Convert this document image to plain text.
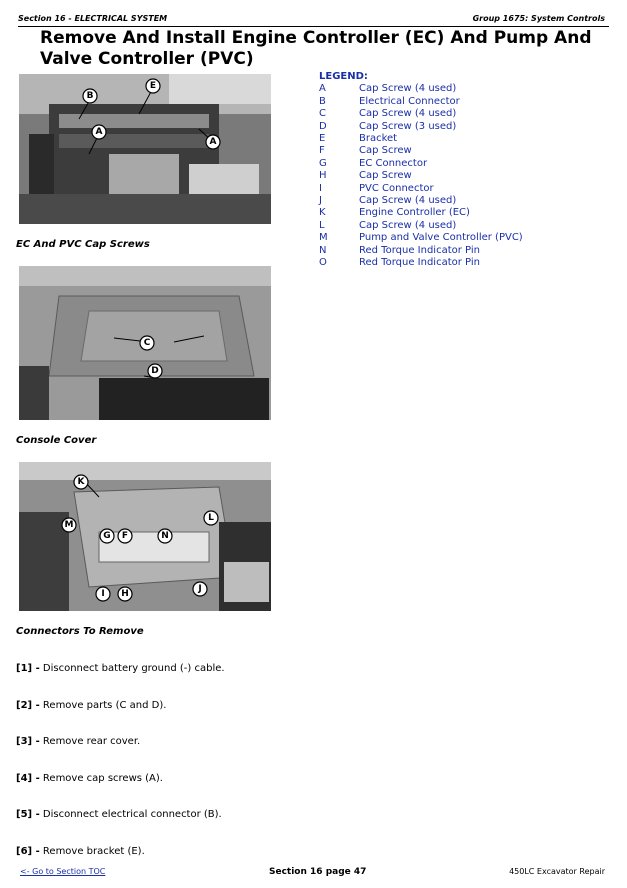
Section 16 - ELECTRICAL SYSTEM	Group 1675: System Controls
Remove And Install Engine Controller (EC) And Pump And Valve Controller (PVC)
E
B
A
A
EC And PVC Cap Screws
C
D
Console Cover
K
L
M
G F	N
J
I H
Connectors To Remove
LEGEND:
A	Cap Screw (4 used)
B	Electrical Connector
C	Cap Screw (4 used)
D	Cap Screw (3 used)
E	Bracket
F	Cap Screw
G	EC Connector
H	Cap Screw
I	PVC Connector
J	Cap Screw (4 used)
K	Engine Controller (EC)
L	Cap Screw (4 used)
M	Pump and Valve Controller (PVC)
N	Red Torque Indicator Pin
O	Red Torque Indicator Pin
[1] - Disconnect battery ground (-) cable.
[2] - Remove parts (C and D).
[3] - Remove rear cover.
[4] - Remove cap screws (A).
[5] - Disconnect electrical connector (B).
[6] - Remove bracket (E).
<- Go to Section TOC	Section 16 page 47	450LC Excavator Repair
